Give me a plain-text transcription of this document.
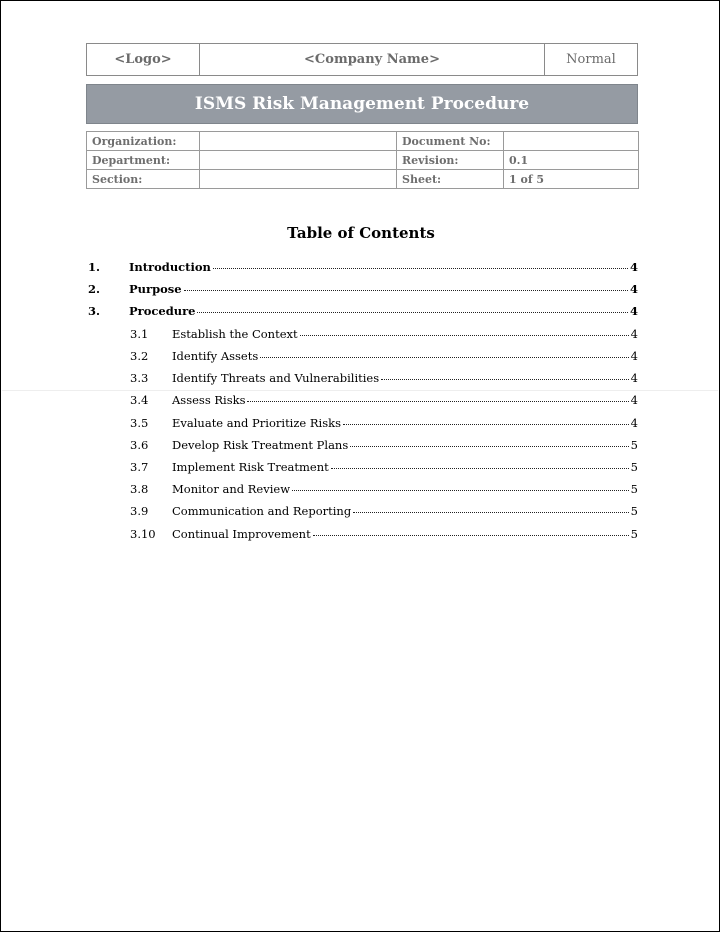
<Logo>	<Company Name>	Normal
ISMS Risk Management Procedure
Organization:		Document No:	
Department:		Revision:	0.1
Section:		Sheet:	1 of 5
Table of Contents
1.	Introduction	4
2.	Purpose	4
3.	Procedure	4
3.1 Establish the Context	4
3.2 Identify Assets	4
3.3 Identify Threats and Vulnerabilities	4
3.4 Assess Risks	4
3.5 Evaluate and Prioritize Risks	4
3.6 Develop Risk Treatment Plans	5
3.7 Implement Risk Treatment	5
3.8 Monitor and Review	5
3.9 Communication and Reporting	5
3.10 Continual Improvement	5
